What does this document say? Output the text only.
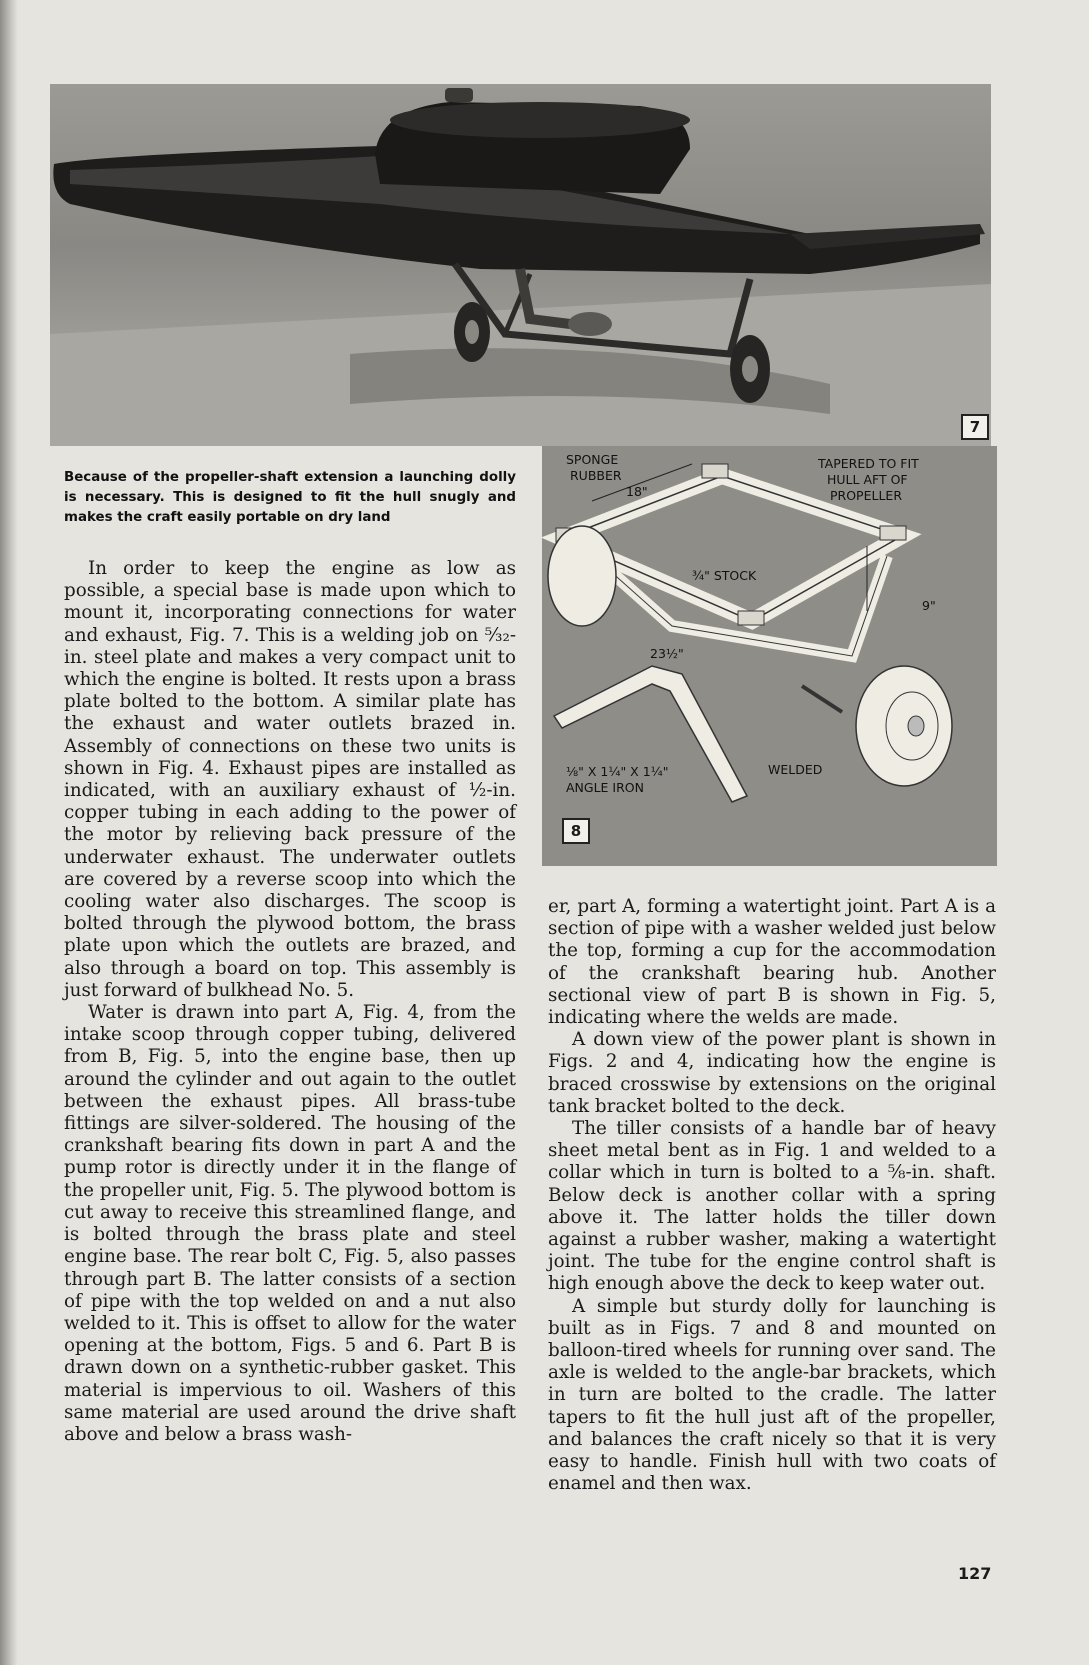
7
SPONGE
RUBBER
TAPERED TO FIT
HULL AFT OF
PROPELLER
18"
¾" STOCK
9"
23½"
WELDED
⅛" X 1¼" X 1¼"
ANGLE IRON
8
Because of the propeller-shaft extension a launching dolly is necessary. This is designed to fit the hull snugly and makes the craft easily portable on dry land

In order to keep the engine as low as possible, a special base is made upon which to mount it, incorporating connections for water and exhaust, Fig. 7. This is a welding job on ⁵⁄₃₂-in. steel plate and makes a very compact unit to which the engine is bolted. It rests upon a brass plate bolted to the bottom. A similar plate has the exhaust and water outlets brazed in. Assembly of connections on these two units is shown in Fig. 4. Exhaust pipes are installed as indicated, with an auxiliary exhaust of ½-in. copper tubing in each adding to the power of the motor by relieving back pressure of the underwater exhaust. The underwater outlets are covered by a reverse scoop into which the cooling water also discharges. The scoop is bolted through the plywood bottom, the brass plate upon which the outlets are brazed, and also through a board on top. This assembly is just forward of bulkhead No. 5.

Water is drawn into part A, Fig. 4, from the intake scoop through copper tubing, delivered from B, Fig. 5, into the engine base, then up around the cylinder and out again to the outlet between the exhaust pipes. All brass-tube fittings are silver-soldered. The housing of the crankshaft bearing fits down in part A and the pump rotor is directly under it in the flange of the propeller unit, Fig. 5. The plywood bottom is cut away to receive this streamlined flange, and is bolted through the brass plate and steel engine base. The rear bolt C, Fig. 5, also passes through part B. The latter consists of a section of pipe with the top welded on and a nut also welded to it. This is offset to allow for the water opening at the bottom, Figs. 5 and 6. Part B is drawn down on a synthetic-rubber gasket. This material is impervious to oil. Washers of this same material are used around the drive shaft above and below a brass wash-

er, part A, forming a watertight joint. Part A is a section of pipe with a washer welded just below the top, forming a cup for the accommodation of the crankshaft bearing hub. Another sectional view of part B is shown in Fig. 5, indicating where the welds are made.

A down view of the power plant is shown in Figs. 2 and 4, indicating how the engine is braced crosswise by extensions on the original tank bracket bolted to the deck.

The tiller consists of a handle bar of heavy sheet metal bent as in Fig. 1 and welded to a collar which in turn is bolted to a ⅝-in. shaft. Below deck is another collar with a spring above it. The latter holds the tiller down against a rubber washer, making a watertight joint. The tube for the engine control shaft is high enough above the deck to keep water out.

A simple but sturdy dolly for launching is built as in Figs. 7 and 8 and mounted on balloon-tired wheels for running over sand. The axle is welded to the angle-bar brackets, which in turn are bolted to the cradle. The latter tapers to fit the hull just aft of the propeller, and balances the craft nicely so that it is very easy to handle. Finish hull with two coats of enamel and then wax.

127
